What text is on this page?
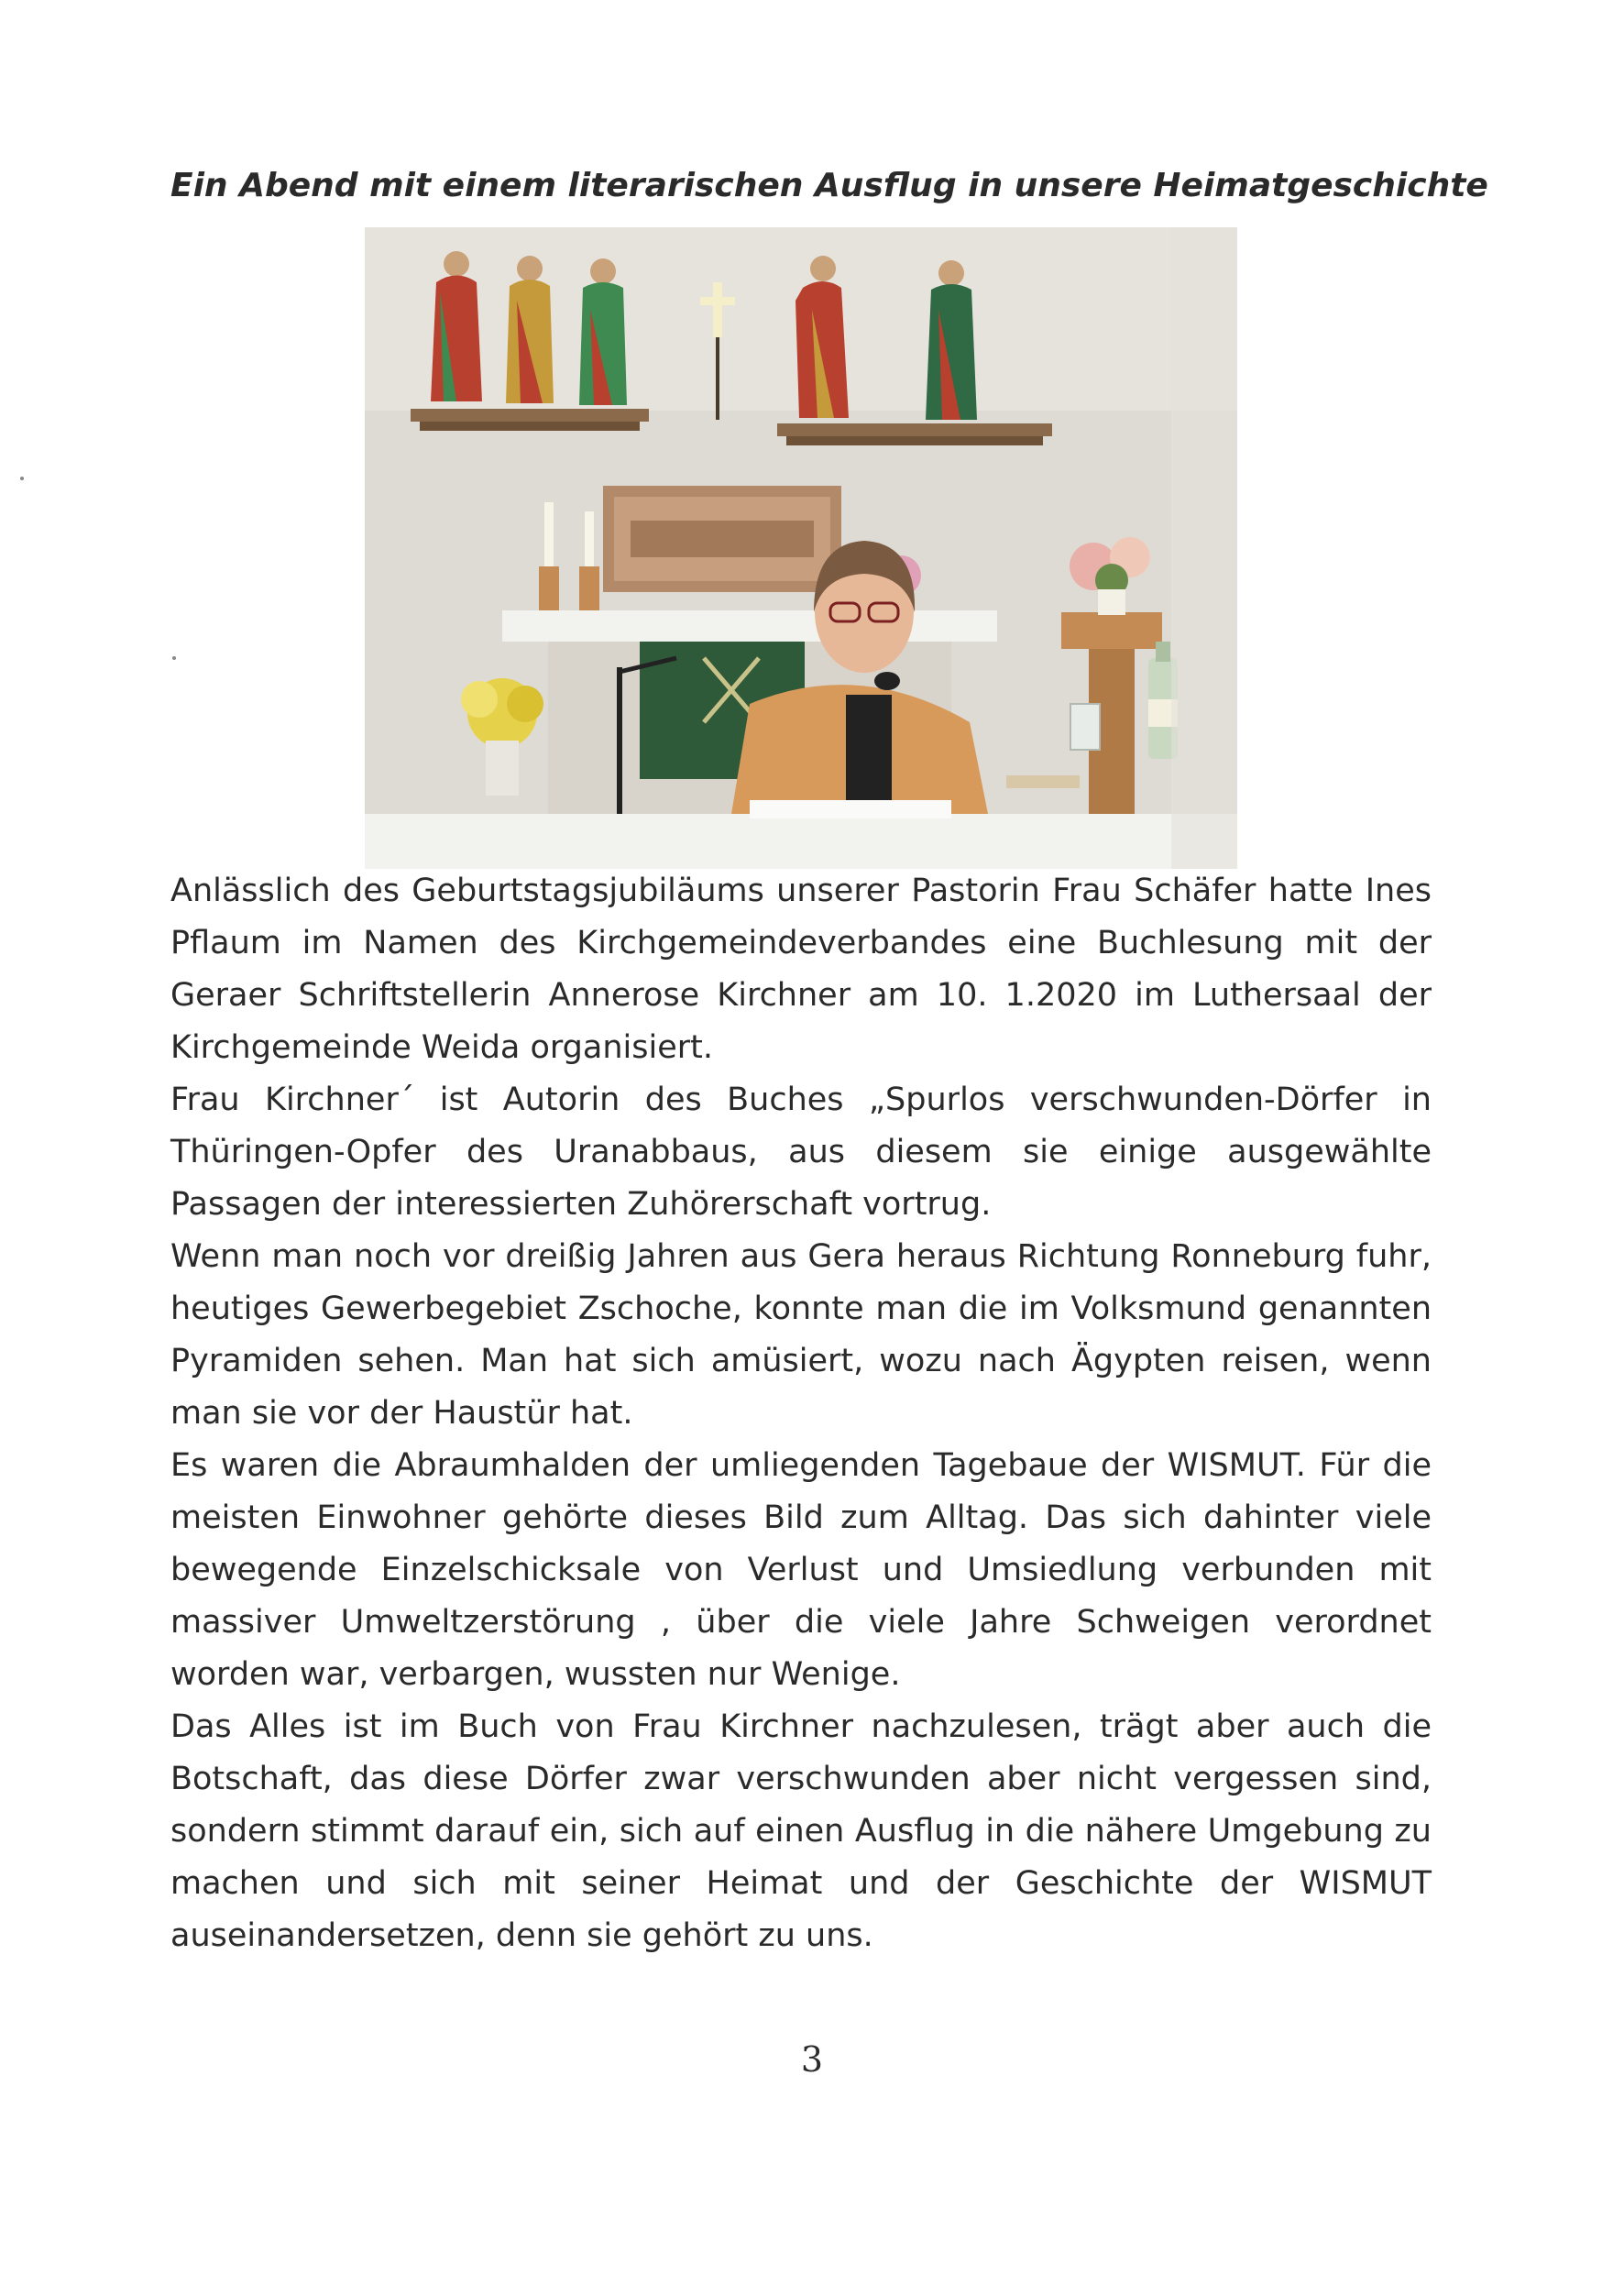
Ein Abend mit einem literarischen Ausflug in unsere Heimatgeschichte

Anlässlich des Geburtstagsjubiläums unserer Pastorin Frau Schäfer hatte Ines Pflaum im Namen des Kirchgemeindeverbandes eine Buchlesung mit der Geraer Schriftstellerin Annerose Kirchner am 10. 1.2020 im Luthersaal der Kirchgemeinde Weida organisiert.

Frau Kirchner´ ist Autorin des Buches „Spurlos verschwunden-Dörfer in Thüringen-Opfer des Uranabbaus, aus diesem sie einige ausgewählte Passagen der interessierten Zuhörerschaft vortrug.

Wenn man noch vor dreißig Jahren aus Gera heraus Richtung Ronneburg fuhr, heutiges Gewerbegebiet Zschoche, konnte man die im Volksmund genannten Pyramiden sehen. Man hat sich amüsiert, wozu nach Ägypten reisen, wenn man sie vor der Haustür hat.

Es waren die Abraumhalden der umliegenden Tagebaue der WISMUT. Für die meisten Einwohner gehörte dieses Bild zum Alltag. Das sich dahinter viele bewegende Einzelschicksale von Verlust und Umsiedlung verbunden mit massiver Umweltzerstörung , über die viele Jahre Schweigen verordnet worden war, verbargen, wussten nur Wenige.

Das Alles ist im Buch von Frau Kirchner nachzulesen, trägt aber auch die Botschaft, das diese Dörfer zwar verschwunden aber nicht vergessen sind, sondern stimmt darauf ein, sich auf einen Ausflug in die nähere Umgebung zu machen und sich mit seiner Heimat und der Geschichte der WISMUT auseinandersetzen, denn sie gehört zu uns.

3
